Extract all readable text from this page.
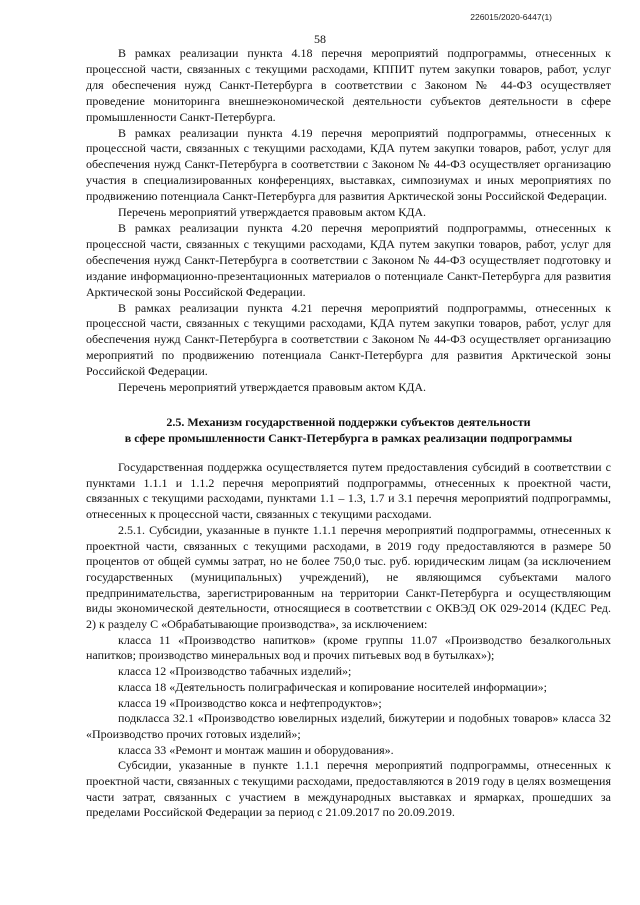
226015/2020-6447(1)
58

В рамках реализации пункта 4.18 перечня мероприятий подпрограммы, отнесенных к процессной части, связанных с текущими расходами, КППИТ путем закупки товаров, работ, услуг для обеспечения нужд Санкт-Петербурга в соответствии с Законом № 44-ФЗ осуществляет проведение мониторинга внешнеэкономической деятельности субъектов деятельности в сфере промышленности Санкт-Петербурга.

В рамках реализации пункта 4.19 перечня мероприятий подпрограммы, отнесенных к процессной части, связанных с текущими расходами, КДА путем закупки товаров, работ, услуг для обеспечения нужд Санкт-Петербурга в соответствии с Законом № 44-ФЗ осуществляет организацию участия в специализированных конференциях, выставках, симпозиумах и иных мероприятиях по продвижению потенциала Санкт-Петербурга для развития Арктической зоны Российской Федерации.

Перечень мероприятий утверждается правовым актом КДА.

В рамках реализации пункта 4.20 перечня мероприятий подпрограммы, отнесенных к процессной части, связанных с текущими расходами, КДА путем закупки товаров, работ, услуг для обеспечения нужд Санкт-Петербурга в соответствии с Законом № 44-ФЗ осуществляет подготовку и издание информационно-презентационных материалов о потенциале Санкт-Петербурга для развития Арктической зоны Российской Федерации.

В рамках реализации пункта 4.21 перечня мероприятий подпрограммы, отнесенных к процессной части, связанных с текущими расходами, КДА путем закупки товаров, работ, услуг для обеспечения нужд Санкт-Петербурга в соответствии с Законом № 44-ФЗ осуществляет организацию мероприятий по продвижению потенциала Санкт-Петербурга для развития Арктической зоны Российской Федерации.

Перечень мероприятий утверждается правовым актом КДА.

2.5. Механизм государственной поддержки субъектов деятельности
в сфере промышленности Санкт-Петербурга в рамках реализации подпрограммы

Государственная поддержка осуществляется путем предоставления субсидий в соответствии с пунктами 1.1.1 и 1.1.2 перечня мероприятий подпрограммы, отнесенных к проектной части, связанных с текущими расходами, пунктами 1.1 – 1.3, 1.7 и 3.1 перечня мероприятий подпрограммы, отнесенных к процессной части, связанных с текущими расходами.

2.5.1. Субсидии, указанные в пункте 1.1.1 перечня мероприятий подпрограммы, отнесенных к проектной части, связанных с текущими расходами, в 2019 году предоставляются в размере 50 процентов от общей суммы затрат, но не более 750,0 тыс. руб. юридическим лицам (за исключением государственных (муниципальных) учреждений), не являющимся субъектами малого предпринимательства, зарегистрированным на территории Санкт-Петербурга и осуществляющим виды экономической деятельности, относящиеся в соответствии с ОКВЭД ОК 029-2014 (КДЕС Ред. 2) к разделу С «Обрабатывающие производства», за исключением:

класса 11 «Производство напитков» (кроме группы 11.07 «Производство безалкогольных напитков; производство минеральных вод и прочих питьевых вод в бутылках»);

класса 12 «Производство табачных изделий»;

класса 18 «Деятельность полиграфическая и копирование носителей информации»;

класса 19 «Производство кокса и нефтепродуктов»;

подкласса 32.1 «Производство ювелирных изделий, бижутерии и подобных товаров» класса 32 «Производство прочих готовых изделий»;

класса 33 «Ремонт и монтаж машин и оборудования».

Субсидии, указанные в пункте 1.1.1 перечня мероприятий подпрограммы, отнесенных к проектной части, связанных с текущими расходами, предоставляются в 2019 году в целях возмещения части затрат, связанных с участием в международных выставках и ярмарках, прошедших за пределами Российской Федерации за период с 21.09.2017 по 20.09.2019.
